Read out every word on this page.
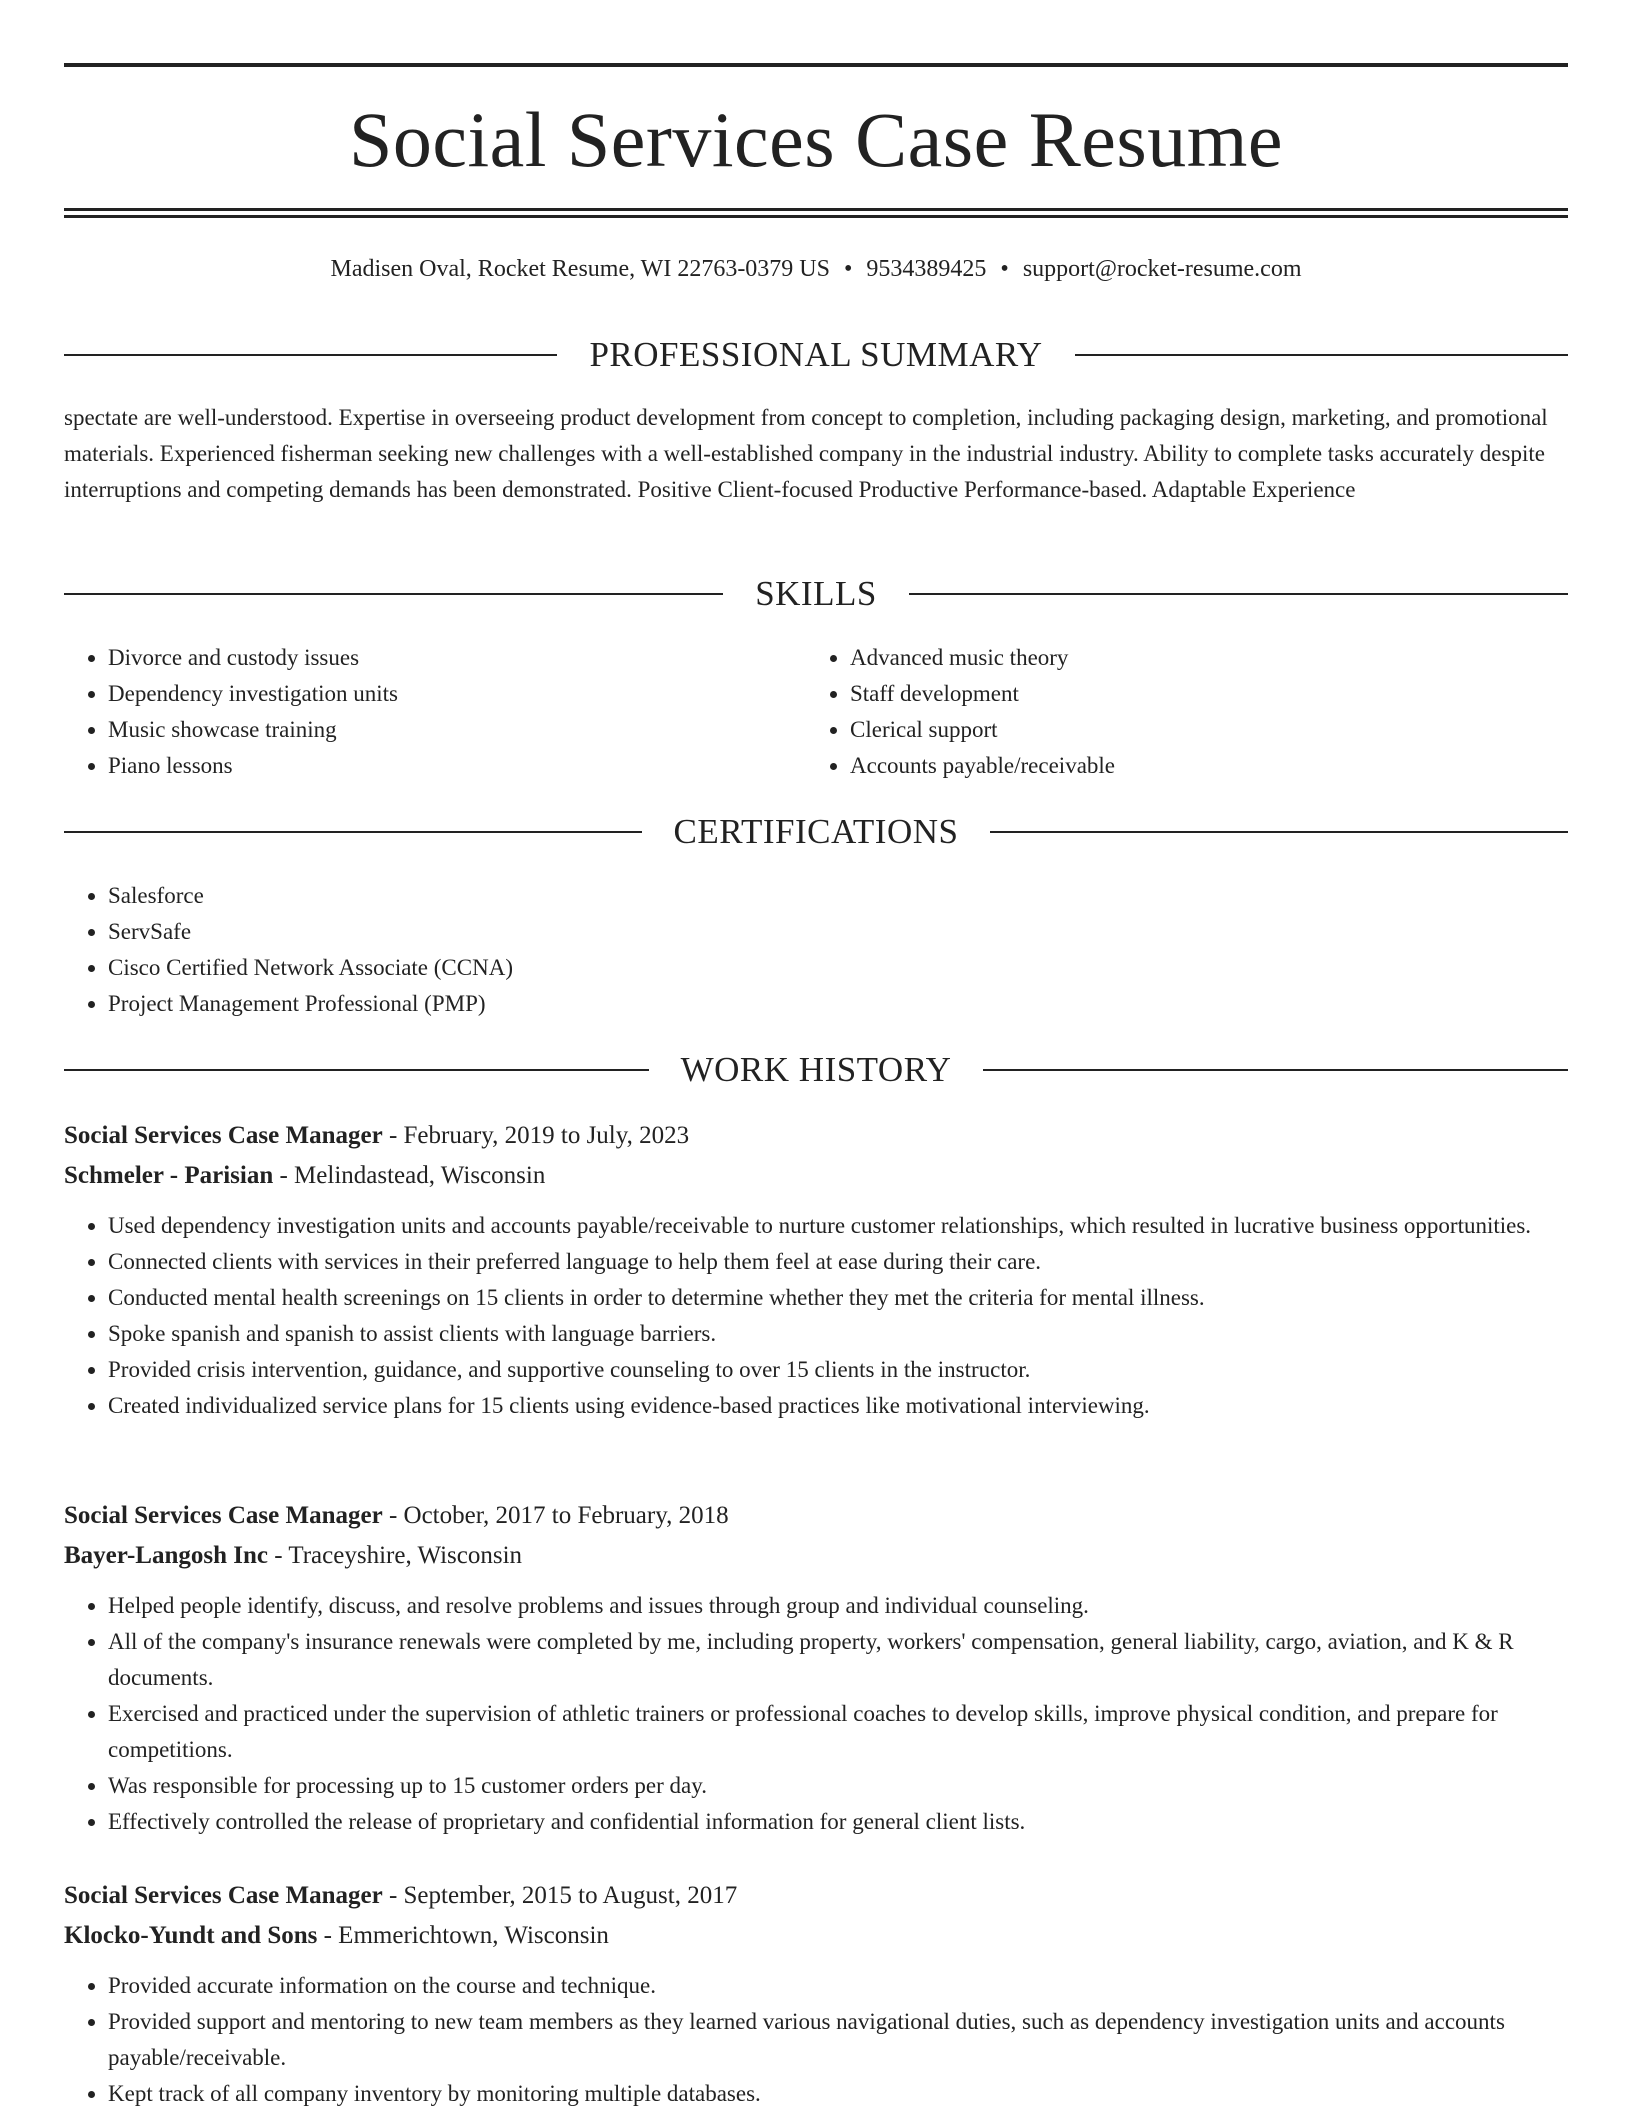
Social Services Case Resume
Madisen Oval, Rocket Resume, WI 22763-0379 US • 9534389425 • support@rocket-resume.com
PROFESSIONAL SUMMARY

spectate are well-understood. Expertise in overseeing product development from concept to completion, including packaging design, marketing, and promotional materials. Experienced fisherman seeking new challenges with a well-established company in the industrial industry. Ability to complete tasks accurately despite interruptions and competing demands has been demonstrated. Positive Client-focused Productive Performance-based. Adaptable Experience

SKILLS
• Divorce and custody issues
• Dependency investigation units
• Music showcase training
• Piano lessons
• Advanced music theory
• Staff development
• Clerical support
• Accounts payable/receivable
CERTIFICATIONS
• Salesforce
• ServSafe
• Cisco Certified Network Associate (CCNA)
• Project Management Professional (PMP)
WORK HISTORY
Social Services Case Manager - February, 2019 to July, 2023
Schmeler - Parisian - Melindastead, Wisconsin
• Used dependency investigation units and accounts payable/receivable to nurture customer relationships, which resulted in lucrative business opportunities.
• Connected clients with services in their preferred language to help them feel at ease during their care.
• Conducted mental health screenings on 15 clients in order to determine whether they met the criteria for mental illness.
• Spoke spanish and spanish to assist clients with language barriers.
• Provided crisis intervention, guidance, and supportive counseling to over 15 clients in the instructor.
• Created individualized service plans for 15 clients using evidence-based practices like motivational interviewing.
Social Services Case Manager - October, 2017 to February, 2018
Bayer-Langosh Inc - Traceyshire, Wisconsin
• Helped people identify, discuss, and resolve problems and issues through group and individual counseling.
• All of the company's insurance renewals were completed by me, including property, workers' compensation, general liability, cargo, aviation, and K & R documents.
• Exercised and practiced under the supervision of athletic trainers or professional coaches to develop skills, improve physical condition, and prepare for competitions.
• Was responsible for processing up to 15 customer orders per day.
• Effectively controlled the release of proprietary and confidential information for general client lists.
Social Services Case Manager - September, 2015 to August, 2017
Klocko-Yundt and Sons - Emmerichtown, Wisconsin
• Provided accurate information on the course and technique.
• Provided support and mentoring to new team members as they learned various navigational duties, such as dependency investigation units and accounts payable/receivable.
• Kept track of all company inventory by monitoring multiple databases.
